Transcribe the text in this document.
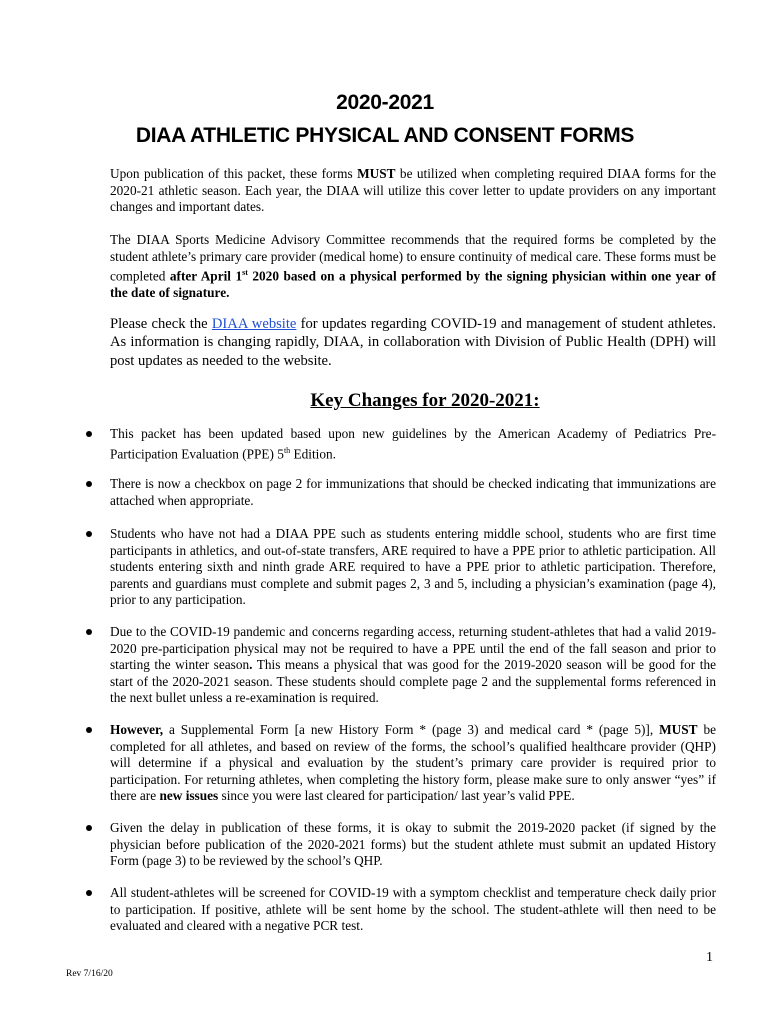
2020-2021
DIAA ATHLETIC PHYSICAL AND CONSENT FORMS

Upon publication of this packet, these forms MUST be utilized when completing required DIAA forms for the 2020-21 athletic season. Each year, the DIAA will utilize this cover letter to update providers on any important changes and important dates.

The DIAA Sports Medicine Advisory Committee recommends that the required forms be completed by the student athlete’s primary care provider (medical home) to ensure continuity of medical care. These forms must be completed after April 1st 2020 based on a physical performed by the signing physician within one year of the date of signature.

Please check the DIAA website for updates regarding COVID-19 and management of student athletes. As information is changing rapidly, DIAA, in collaboration with Division of Public Health (DPH) will post updates as needed to the website.

Key Changes for 2020-2021:
This packet has been updated based upon new guidelines by the American Academy of Pediatrics Pre-Participation Evaluation (PPE) 5th Edition.
There is now a checkbox on page 2 for immunizations that should be checked indicating that immunizations are attached when appropriate.
Students who have not had a DIAA PPE such as students entering middle school, students who are first time participants in athletics, and out-of-state transfers, ARE required to have a PPE prior to athletic participation. All students entering sixth and ninth grade ARE required to have a PPE prior to athletic participation. Therefore, parents and guardians must complete and submit pages 2, 3 and 5, including a physician’s examination (page 4), prior to any participation.
Due to the COVID-19 pandemic and concerns regarding access, returning student-athletes that had a valid 2019-2020 pre-participation physical may not be required to have a PPE until the end of the fall season and prior to starting the winter season. This means a physical that was good for the 2019-2020 season will be good for the start of the 2020-2021 season. These students should complete page 2 and the supplemental forms referenced in the next bullet unless a re-examination is required.
However, a Supplemental Form [a new History Form * (page 3) and medical card * (page 5)], MUST be completed for all athletes, and based on review of the forms, the school’s qualified healthcare provider (QHP) will determine if a physical and evaluation by the student’s primary care provider is required prior to participation. For returning athletes, when completing the history form, please make sure to only answer “yes” if there are new issues since you were last cleared for participation/ last year’s valid PPE.
Given the delay in publication of these forms, it is okay to submit the 2019-2020 packet (if signed by the physician before publication of the 2020-2021 forms) but the student athlete must submit an updated History Form (page 3) to be reviewed by the school’s QHP.
All student-athletes will be screened for COVID-19 with a symptom checklist and temperature check daily prior to participation. If positive, athlete will be sent home by the school. The student-athlete will then need to be evaluated and cleared with a negative PCR test.
1
Rev 7/16/20
